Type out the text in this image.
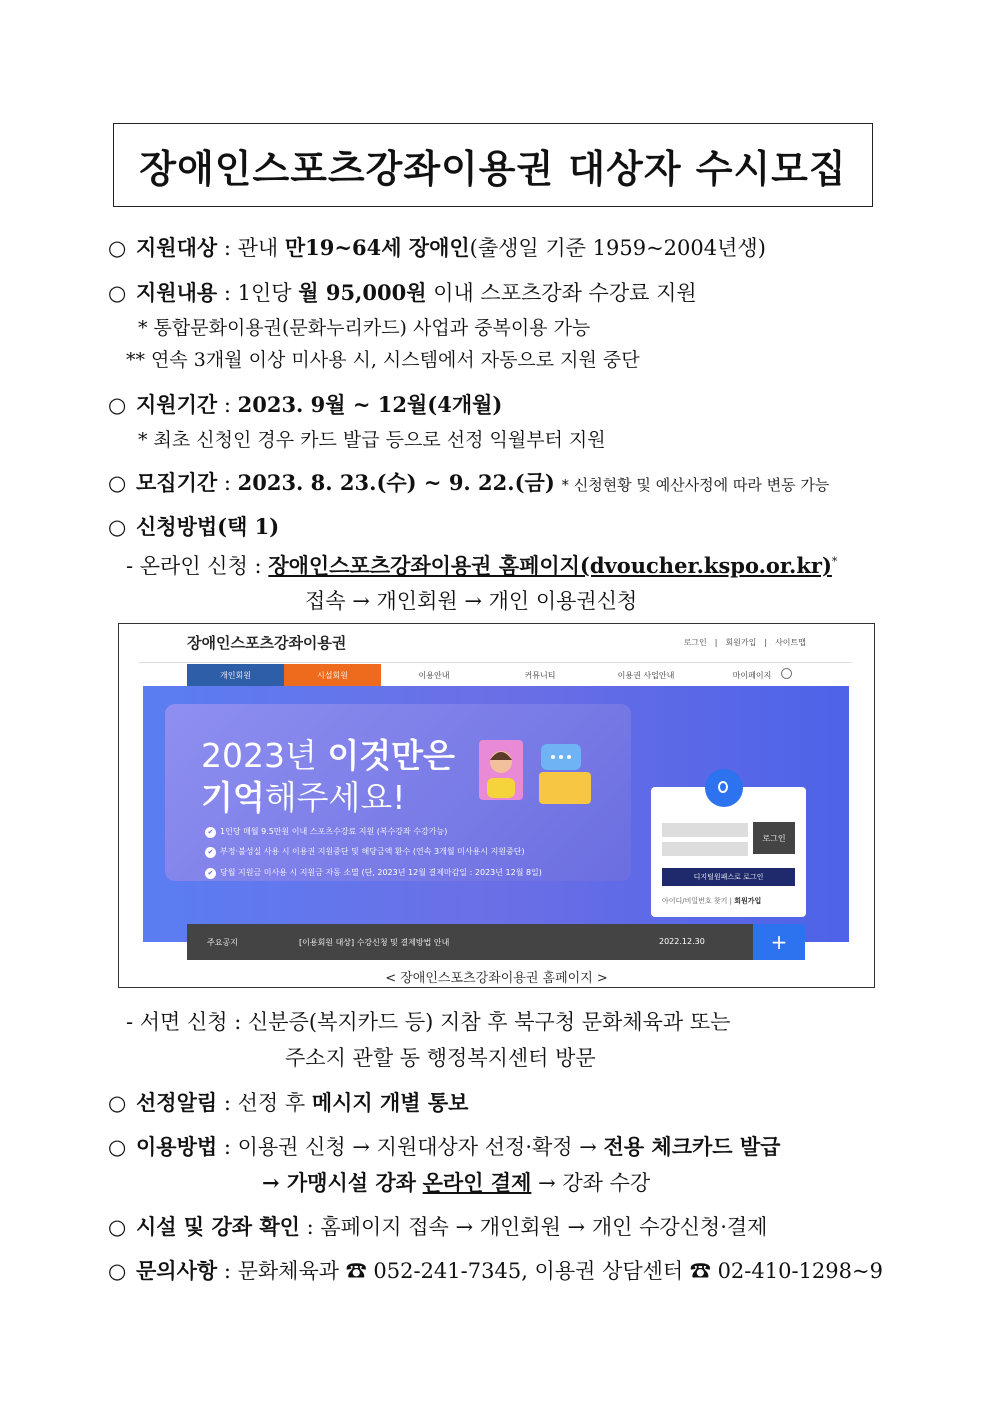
장애인스포츠강좌이용권 대상자 수시모집
○ 지원대상 : 관내 만19~64세 장애인(출생일 기준 1959~2004년생)
○ 지원내용 : 1인당 월 95,000원 이내 스포츠강좌 수강료 지원
* 통합문화이용권(문화누리카드) 사업과 중복이용 가능
** 연속 3개월 이상 미사용 시, 시스템에서 자동으로 지원 중단
○ 지원기간 : 2023. 9월 ~ 12월(4개월)
* 최초 신청인 경우 카드 발급 등으로 선정 익월부터 지원
○ 모집기간 : 2023. 8. 23.(수) ~ 9. 22.(금) * 신청현황 및 예산사정에 따라 변동 가능
○ 신청방법(택 1)
- 온라인 신청 : 장애인스포츠강좌이용권 홈페이지(dvoucher.kspo.or.kr)*
접속 → 개인회원 → 개인 이용권신청
장애인스포츠강좌이용권	로그인 | 회원가입 | 사이트맵
개인회원	시설회원	이용안내	커뮤니티	이용권 사업안내	마이페이지
2023년 이것만은
기억해주세요!
✔ 1인당 매월 9.5만원 이내 스포츠수강료 지원 (복수강좌 수강가능)
✔ 부정·불성실 사용 시 이용권 지원중단 및 해당금액 환수 (연속 3개월 미사용시 지원중단)
✔ 당월 지원금 미사용 시 지원금 자동 소멸 (단, 2023년 12월 결제마감일 : 2023년 12월 8일)
로그인
디지털원패스로 로그인
아이디/비밀번호 찾기 | 회원가입
주요공지	[이용회원 대상] 수강신청 및 결제방법 안내	2022.12.30	+
< 장애인스포츠강좌이용권 홈페이지 >
- 서면 신청 : 신분증(복지카드 등) 지참 후 북구청 문화체육과 또는
주소지 관할 동 행정복지센터 방문
○ 선정알림 : 선정 후 메시지 개별 통보
○ 이용방법 : 이용권 신청 → 지원대상자 선정·확정 → 전용 체크카드 발급
→ 가맹시설 강좌 온라인 결제 → 강좌 수강
○ 시설 및 강좌 확인 : 홈페이지 접속 → 개인회원 → 개인 수강신청·결제
○ 문의사항 : 문화체육과 ☎ 052-241-7345, 이용권 상담센터 ☎ 02-410-1298~9
